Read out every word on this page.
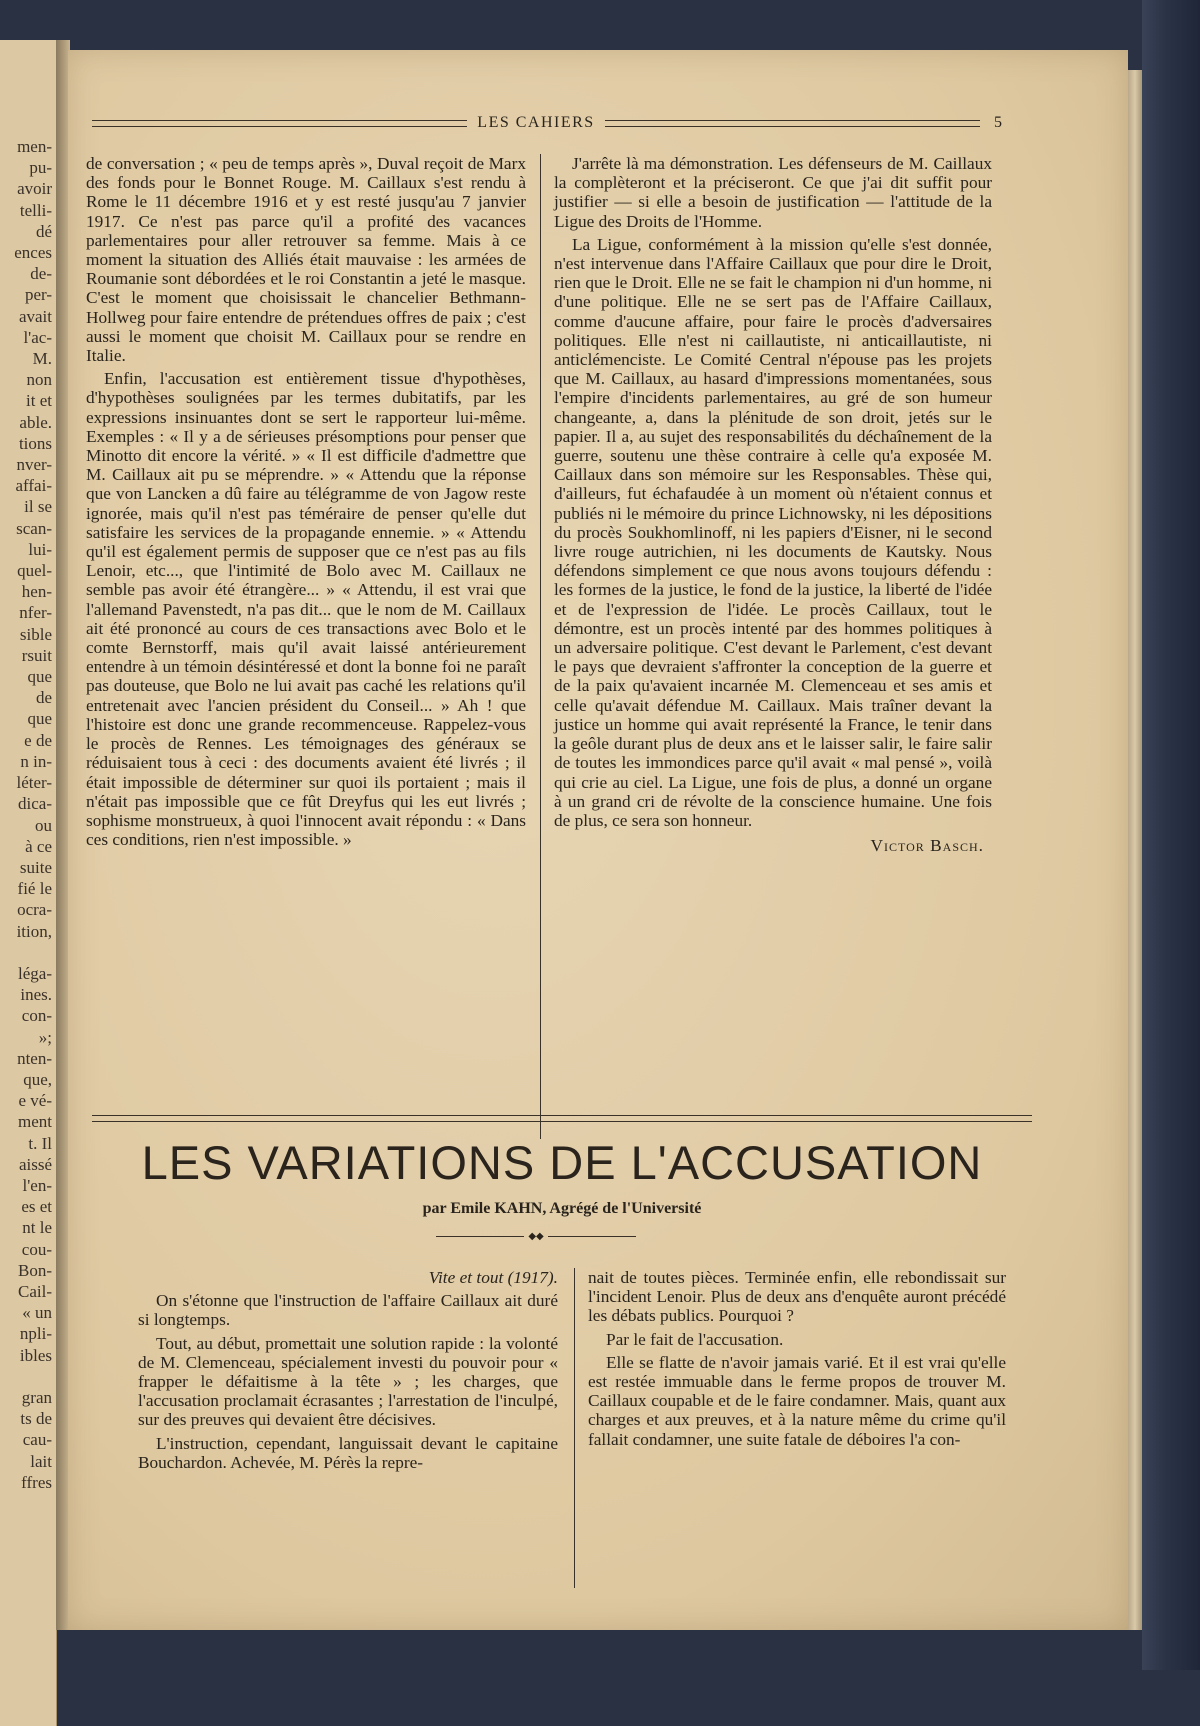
men-
pu-
avoir
telli-
dé
ences
de-
per-
avait
l'ac-
M.
non
it et
able.
tions
nver-
affai-
il se
scan-
lui-
quel-
hen-
nfer-
sible
rsuit
que
de
que
e de
n in-
léter-
dica-
ou
à ce
suite
fié le
ocra-
ition,

léga-
ines.
con-
»;
nten-
que,
e vé-
ment
t. Il
aissé
l'en-
es et
nt le
cou-
Bon-
Cail-
« un
npli-
ibles

gran
ts de
cau-
lait
ffres
LES CAHIERS	5

de conversation ; « peu de temps après », Duval reçoit de Marx des fonds pour le Bonnet Rouge. M. Caillaux s'est rendu à Rome le 11 décembre 1916 et y est resté jusqu'au 7 janvier 1917. Ce n'est pas parce qu'il a profité des vacances parlementaires pour aller retrouver sa femme. Mais à ce moment la situation des Alliés était mauvaise : les armées de Roumanie sont débordées et le roi Constantin a jeté le masque. C'est le moment que choisissait le chancelier Bethmann-Hollweg pour faire entendre de prétendues offres de paix ; c'est aussi le moment que choisit M. Caillaux pour se rendre en Italie.

Enfin, l'accusation est entièrement tissue d'hypothèses, d'hypothèses soulignées par les termes dubitatifs, par les expressions insinuantes dont se sert le rapporteur lui-même. Exemples : « Il y a de sérieuses présomptions pour penser que Minotto dit encore la vérité. » « Il est difficile d'admettre que M. Caillaux ait pu se méprendre. » « Attendu que la réponse que von Lancken a dû faire au télégramme de von Jagow reste ignorée, mais qu'il n'est pas téméraire de penser qu'elle dut satisfaire les services de la propagande ennemie. » « Attendu qu'il est également permis de supposer que ce n'est pas au fils Lenoir, etc..., que l'intimité de Bolo avec M. Caillaux ne semble pas avoir été étrangère... » « Attendu, il est vrai que l'allemand Pavenstedt, n'a pas dit... que le nom de M. Caillaux ait été prononcé au cours de ces transactions avec Bolo et le comte Bernstorff, mais qu'il avait laissé antérieurement entendre à un témoin désintéressé et dont la bonne foi ne paraît pas douteuse, que Bolo ne lui avait pas caché les relations qu'il entretenait avec l'ancien président du Conseil... » Ah ! que l'histoire est donc une grande recommenceuse. Rappelez-vous le procès de Rennes. Les témoignages des généraux se réduisaient tous à ceci : des documents avaient été livrés ; il était impossible de déterminer sur quoi ils portaient ; mais il n'était pas impossible que ce fût Dreyfus qui les eut livrés ; sophisme monstrueux, à quoi l'innocent avait répondu : « Dans ces conditions, rien n'est impossible. »

J'arrête là ma démonstration. Les défenseurs de M. Caillaux la complèteront et la préciseront. Ce que j'ai dit suffit pour justifier — si elle a besoin de justification — l'attitude de la Ligue des Droits de l'Homme.

La Ligue, conformément à la mission qu'elle s'est donnée, n'est intervenue dans l'Affaire Caillaux que pour dire le Droit, rien que le Droit. Elle ne se fait le champion ni d'un homme, ni d'une politique. Elle ne se sert pas de l'Affaire Caillaux, comme d'aucune affaire, pour faire le procès d'adversaires politiques. Elle n'est ni caillautiste, ni anticaillautiste, ni anticlémenciste. Le Comité Central n'épouse pas les projets que M. Caillaux, au hasard d'impressions momentanées, sous l'empire d'incidents parlementaires, au gré de son humeur changeante, a, dans la plénitude de son droit, jetés sur le papier. Il a, au sujet des responsabilités du déchaînement de la guerre, soutenu une thèse contraire à celle qu'a exposée M. Caillaux dans son mémoire sur les Responsables. Thèse qui, d'ailleurs, fut échafaudée à un moment où n'étaient connus et publiés ni le mémoire du prince Lichnowsky, ni les dépositions du procès Soukhomlinoff, ni les papiers d'Eisner, ni le second livre rouge autrichien, ni les documents de Kautsky. Nous défendons simplement ce que nous avons toujours défendu : les formes de la justice, le fond de la justice, la liberté de l'idée et de l'expression de l'idée. Le procès Caillaux, tout le démontre, est un procès intenté par des hommes politiques à un adversaire politique. C'est devant le Parlement, c'est devant le pays que devraient s'affronter la conception de la guerre et de la paix qu'avaient incarnée M. Clemenceau et ses amis et celle qu'avait défendue M. Caillaux. Mais traîner devant la justice un homme qui avait représenté la France, le tenir dans la geôle durant plus de deux ans et le laisser salir, le faire salir de toutes les immondices parce qu'il avait « mal pensé », voilà qui crie au ciel. La Ligue, une fois de plus, a donné un organe à un grand cri de révolte de la conscience humaine. Une fois de plus, ce sera son honneur.

Victor Basch.
LES VARIATIONS DE L'ACCUSATION
par Emile KAHN, Agrégé de l'Université
◆◆
Vite et tout (1917).

On s'étonne que l'instruction de l'affaire Caillaux ait duré si longtemps.

Tout, au début, promettait une solution rapide : la volonté de M. Clemenceau, spécialement investi du pouvoir pour « frapper le défaitisme à la tête » ; les charges, que l'accusation proclamait écrasantes ; l'arrestation de l'inculpé, sur des preuves qui devaient être décisives.

L'instruction, cependant, languissait devant le capitaine Bouchardon. Achevée, M. Pérès la repre-

nait de toutes pièces. Terminée enfin, elle rebondissait sur l'incident Lenoir. Plus de deux ans d'enquête auront précédé les débats publics. Pourquoi ?

Par le fait de l'accusation.

Elle se flatte de n'avoir jamais varié. Et il est vrai qu'elle est restée immuable dans le ferme propos de trouver M. Caillaux coupable et de le faire condamner. Mais, quant aux charges et aux preuves, et à la nature même du crime qu'il fallait condamner, une suite fatale de déboires l'a con-
